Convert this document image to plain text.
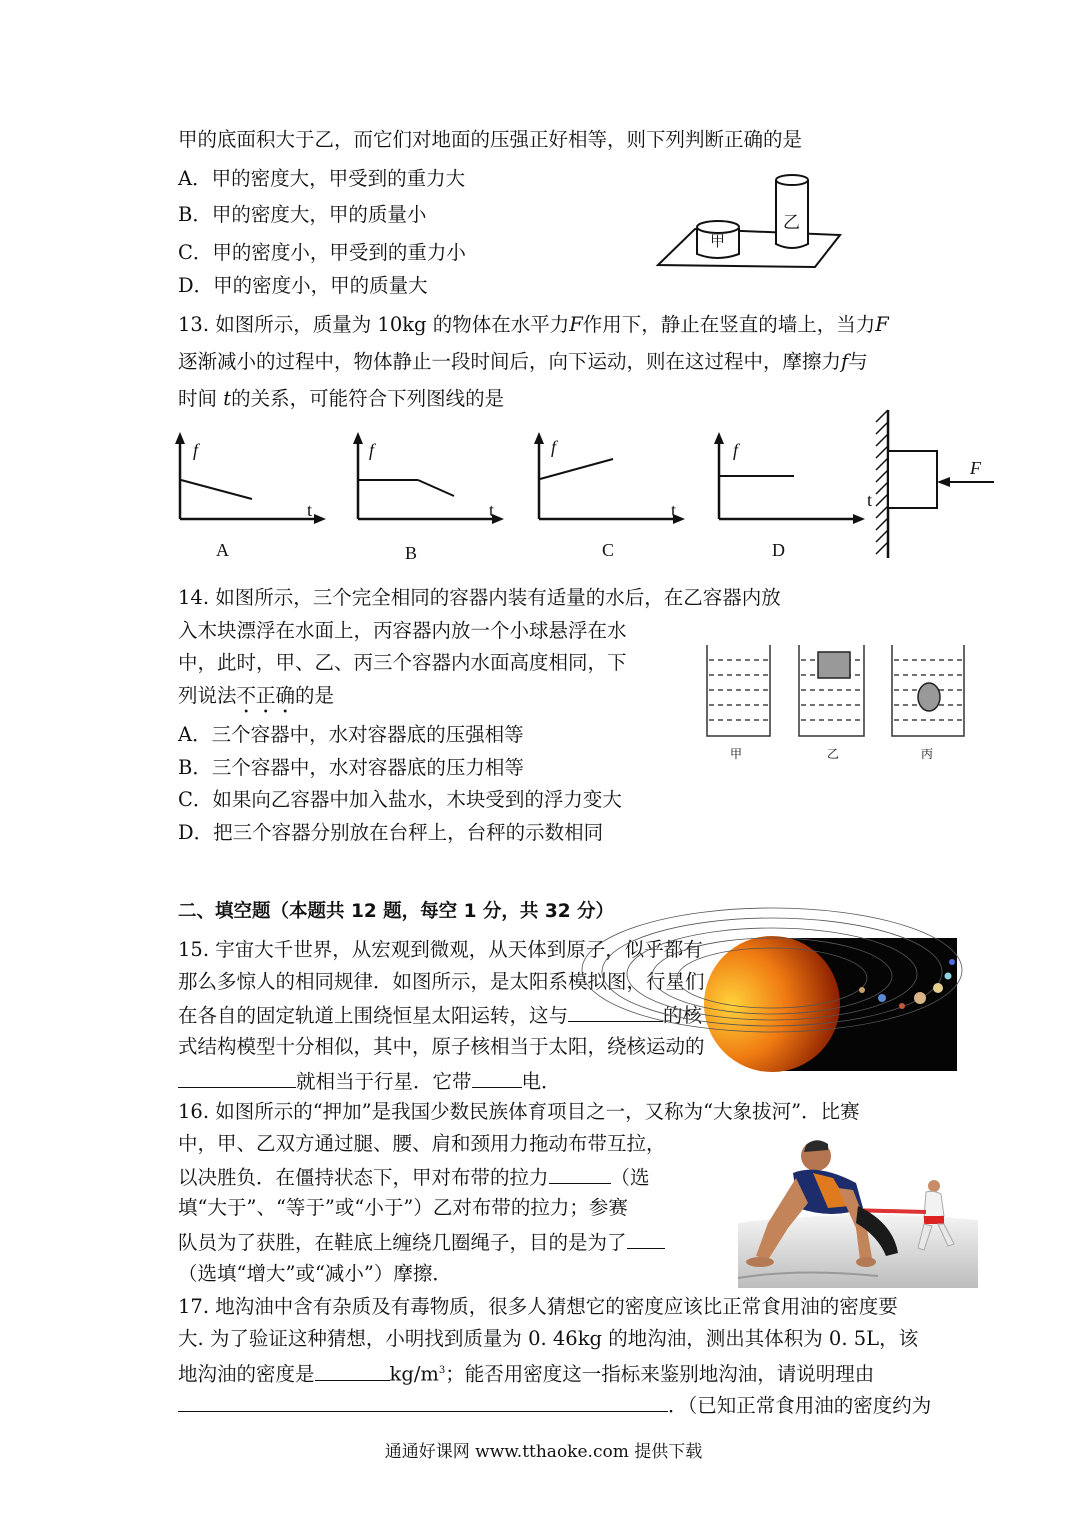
甲的底面积大于乙，而它们对地面的压强正好相等，则下列判断正确的是
A．甲的密度大，甲受到的重力大
B．甲的密度大，甲的质量小
C．甲的密度小，甲受到的重力小
D．甲的密度小，甲的质量大
甲
乙
13. 如图所示，质量为 10kg 的物体在水平力F作用下，静止在竖直的墙上，当力F
逐渐减小的过程中，物体静止一段时间后，向下运动，则在这过程中，摩擦力f与
时间 t的关系，可能符合下列图线的是
f
t
A
f
t
B
f
t
C
f
D
F
t
14. 如图所示，三个完全相同的容器内装有适量的水后，在乙容器内放
入木块漂浮在水面上，丙容器内放一个小球悬浮在水
中，此时，甲、乙、丙三个容器内水面高度相同，下
列说法不正确的是
A．三个容器中，水对容器底的压强相等
B．三个容器中，水对容器底的压力相等
C．如果向乙容器中加入盐水，木块受到的浮力变大
D．把三个容器分别放在台秤上，台秤的示数相同
甲	乙	丙
二、填空题（本题共 12 题，每空 1 分，共 32 分）
15. 宇宙大千世界，从宏观到微观，从天体到原子，似乎都有
那么多惊人的相同规律．如图所示，是太阳系模拟图，行星们
在各自的固定轨道上围绕恒星太阳运转，这与	的核
式结构模型十分相似，其中，原子核相当于太阳，绕核运动的
就相当于行星．它带	电．
16. 如图所示的“押加”是我国少数民族体育项目之一，又称为“大象拔河”．比赛
中，甲、乙双方通过腿、腰、肩和颈用力拖动布带互拉，
以决胜负．在僵持状态下，甲对布带的拉力	（选
填“大于”、“等于”或“小于”）乙对布带的拉力；参赛
队员为了获胜，在鞋底上缠绕几圈绳子，目的是为了
（选填“增大”或“减小”）摩擦．
17. 地沟油中含有杂质及有毒物质，很多人猜想它的密度应该比正常食用油的密度要
大. 为了验证这种猜想，小明找到质量为 0. 46kg 的地沟油，测出其体积为 0. 5L，该
地沟油的密度是	$kg/m^3$；能否用密度这一指标来鉴别地沟油，请说明理由
．（已知正常食用油的密度约为
通通好课网 www.tthaoke.com 提供下载
